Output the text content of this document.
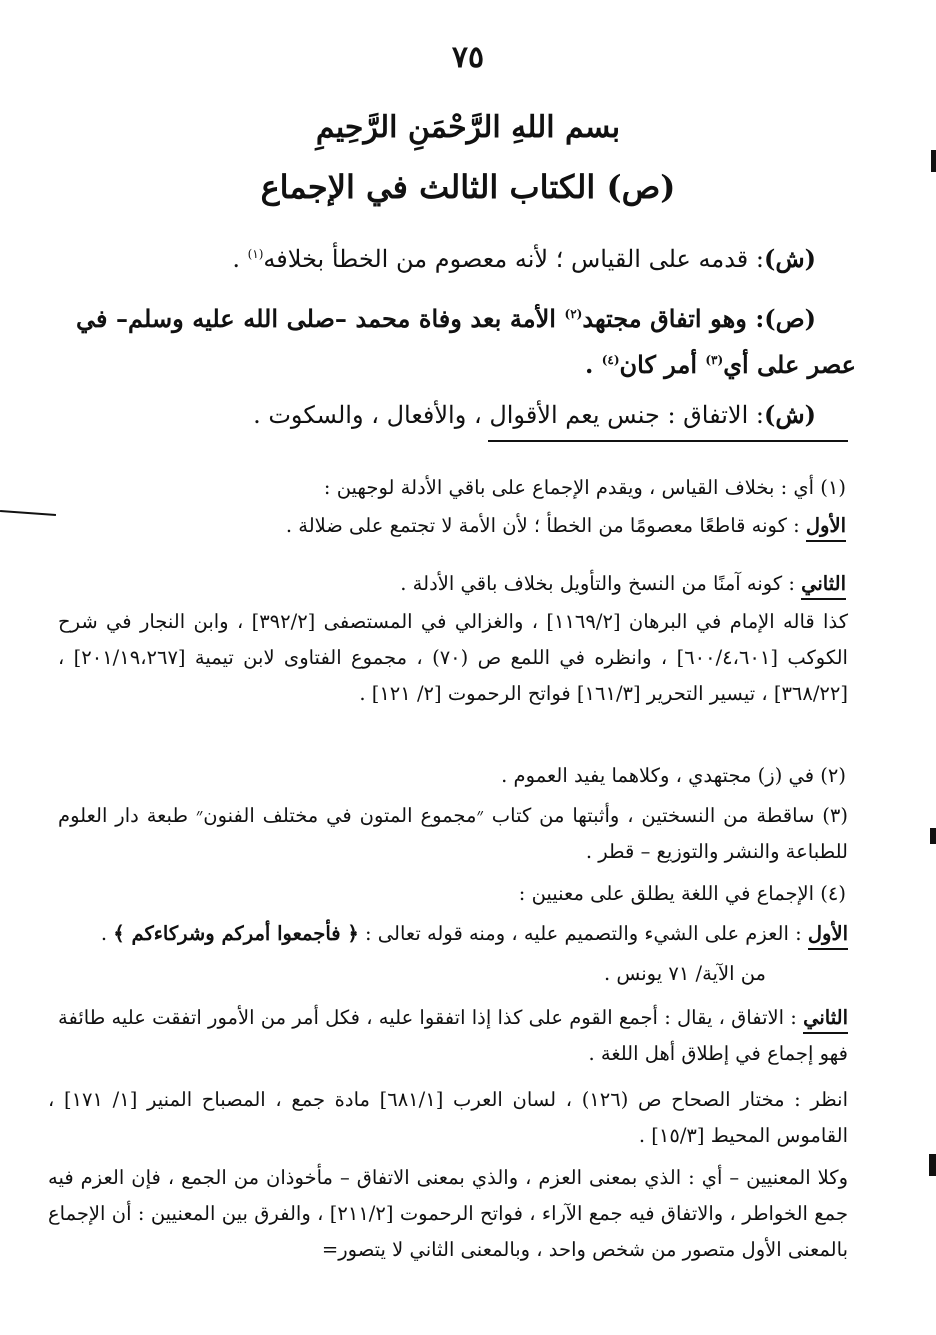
٧٥
بسم اللهِ الرَّحْمَنِ الرَّحِيمِ
(ص) الكتاب الثالث في الإجماع
(ش): قدمه على القياس ؛ لأنه معصوم من الخطأ بخلافه$^{(١)}$ .
(ص): وهو اتفاق مجتهد$^{(٢)}$ الأمة بعد وفاة محمد –صلى الله عليه وسلم– في عصر على أي$^{(٣)}$ أمر كان$^{(٤)}$ .
(ش): الاتفاق : جنس يعم الأقوال ، والأفعال ، والسكوت .
(١) أي : بخلاف القياس ، ويقدم الإجماع على باقي الأدلة لوجهين :
الأول : كونه قاطعًا معصومًا من الخطأ ؛ لأن الأمة لا تجتمع على ضلالة .
الثاني : كونه آمنًا من النسخ والتأويل بخلاف باقي الأدلة .
كذا قاله الإمام في البرهان [١١٦٩/٢] ، والغزالي في المستصفى [٣٩٢/٢] ، وابن النجار في شرح الكوكب [٦٠٠/٤،٦٠١] ، وانظره في اللمع ص (٧٠) ، مجموع الفتاوى لابن تيمية [٢٠١/١٩،٢٦٧] ، [٣٦٨/٢٢] ، تيسير التحرير [١٦١/٣] فواتح الرحموت [٢/ ١٢١] .
(٢) في (ز) مجتهدي ، وكلاهما يفيد العموم .
(٣) ساقطة من النسختين ، وأثبتها من كتاب ״مجموع المتون في مختلف الفنون״ طبعة دار العلوم للطباعة والنشر والتوزيع – قطر .
(٤) الإجماع في اللغة يطلق على معنيين :
الأول : العزم على الشيء والتصميم عليه ، ومنه قوله تعالى : ﴿ فأجمعوا أمركم وشركاءكم ﴾ .
من الآية/ ٧١ يونس .
الثاني : الاتفاق ، يقال : أجمع القوم على كذا إذا اتفقوا عليه ، فكل أمر من الأمور اتفقت عليه طائفة فهو إجماع في إطلاق أهل اللغة .
انظر : مختار الصحاح ص (١٢٦) ، لسان العرب [٦٨١/١] مادة جمع ، المصباح المنير [١/ ١٧١] ، القاموس المحيط [١٥/٣] .
وكلا المعنيين – أي : الذي بمعنى العزم ، والذي بمعنى الاتفاق – مأخوذان من الجمع ، فإن العزم فيه جمع الخواطر ، والاتفاق فيه جمع الآراء ، فواتح الرحموت [٢١١/٢] ، والفرق بين المعنيين : أن الإجماع بالمعنى الأول متصور من شخص واحد ، وبالمعنى الثاني لا يتصور=
